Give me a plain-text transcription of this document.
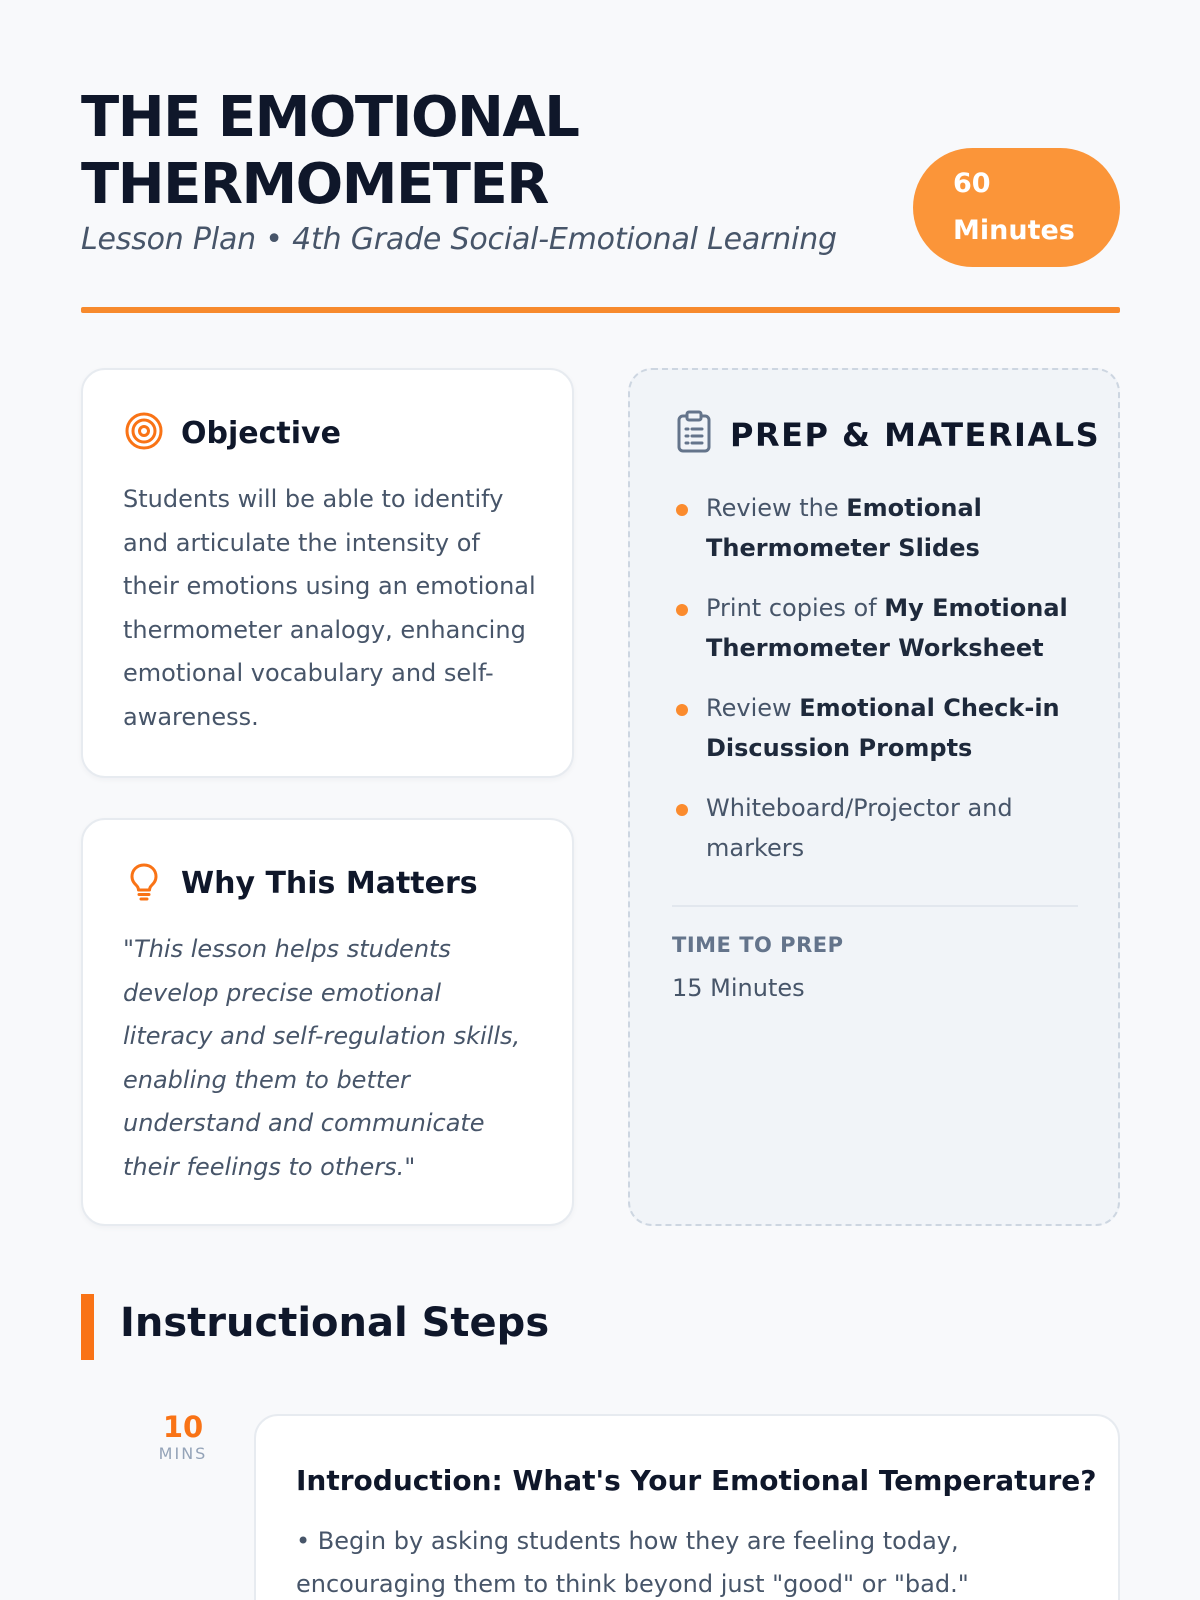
THE EMOTIONAL
THERMOMETER
Lesson Plan • 4th Grade Social-Emotional Learning
60
Minutes
Objective
Students will be able to identify and articulate the intensity of their emotions using an emotional thermometer analogy, enhancing emotional vocabulary and self-awareness.
Why This Matters
"This lesson helps students develop precise emotional literacy and self-regulation skills, enabling them to better understand and communicate their feelings to others."
PREP & MATERIALS
Review the Emotional Thermometer Slides
Print copies of My Emotional Thermometer Worksheet
Review Emotional Check-in Discussion Prompts
Whiteboard/Projector and markers
TIME TO PREP
15 Minutes
Instructional Steps
10
MINS
Introduction: What's Your Emotional Temperature?
• Begin by asking students how they are feeling today, encouraging them to think beyond just "good" or "bad."
